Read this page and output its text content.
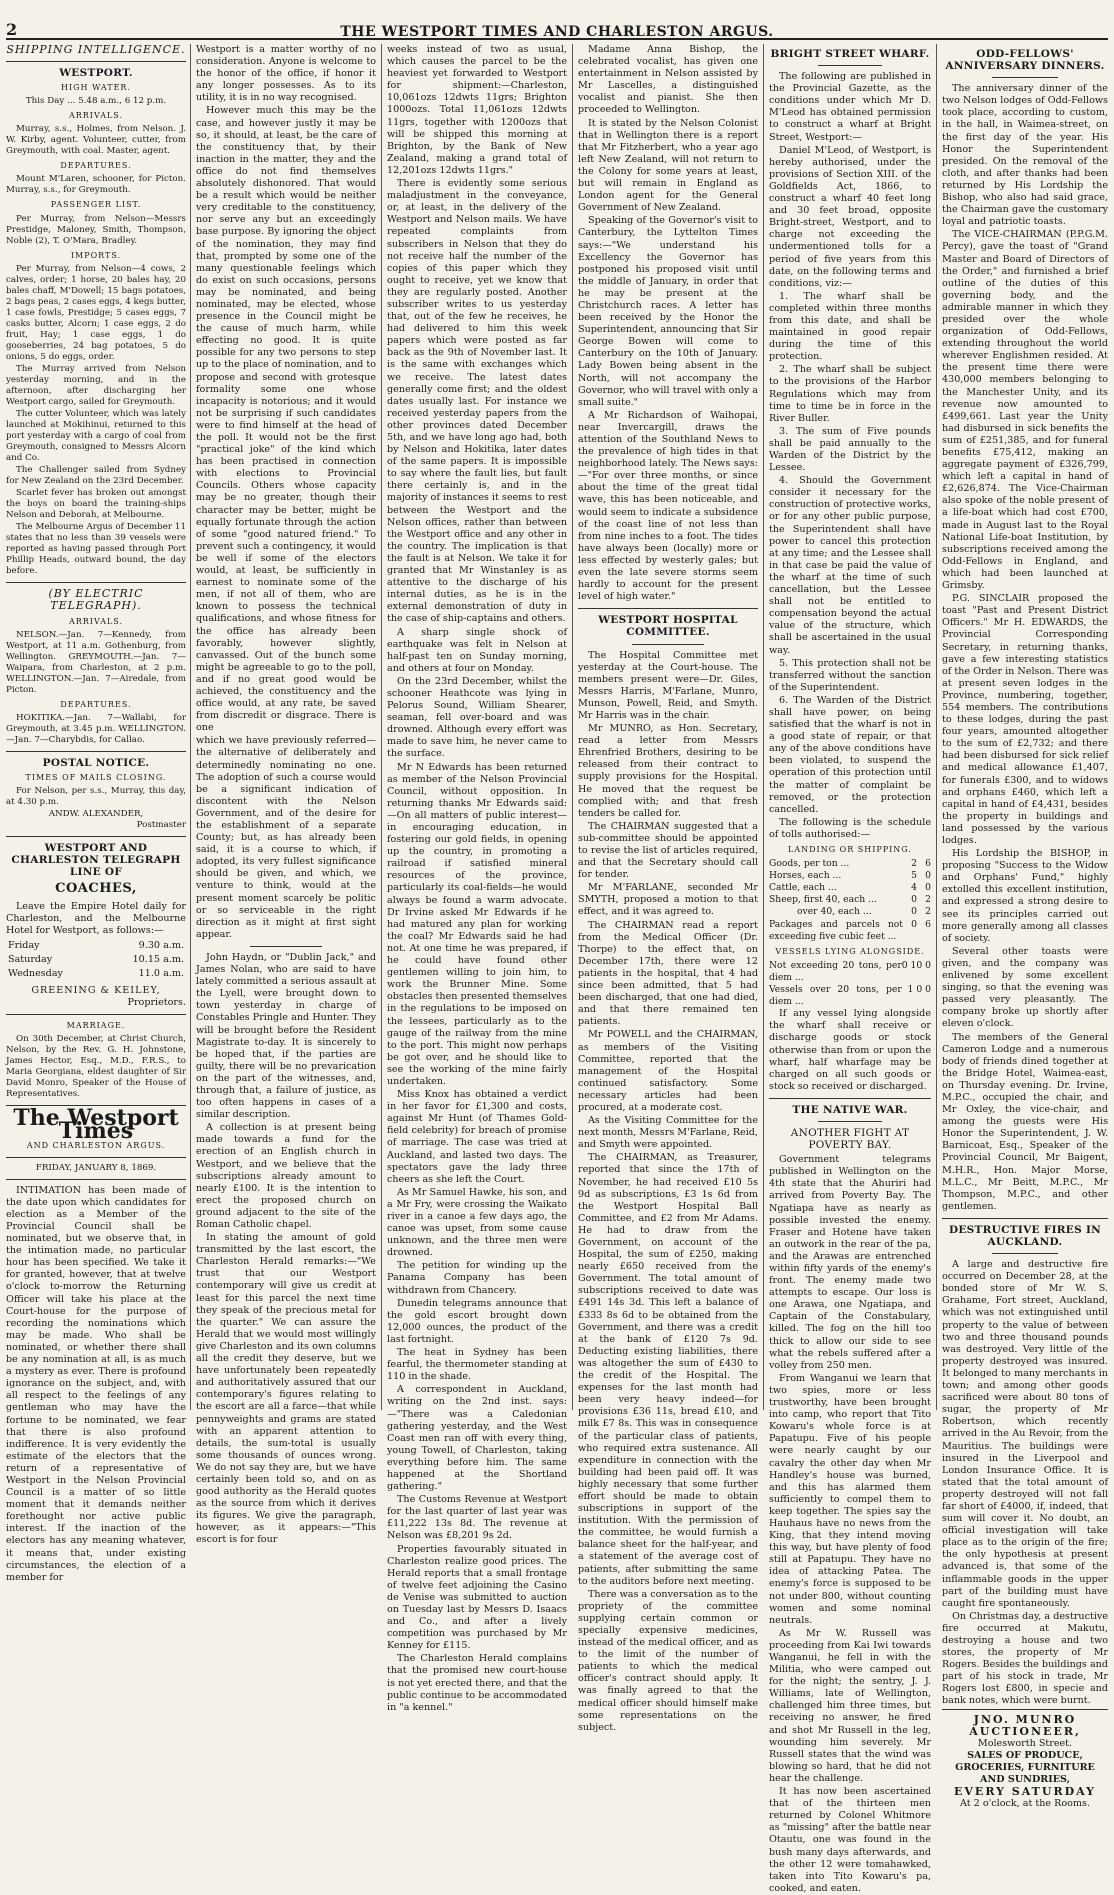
2	THE WESTPORT TIMES AND CHARLESTON ARGUS.
SHIPPING INTELLIGENCE.
WESTPORT.
HIGH WATER.
This Day ... 5.48 a.m., 6 12 p.m.
ARRIVALS.

Murray, s.s., Holmes, from Nelson. J. W. Kirby, agent. Volunteer, cutter, from Greymouth, with coal. Master, agent.

DEPARTURES.

Mount M'Laren, schooner, for Picton. Murray, s.s., for Greymouth.

PASSENGER LIST.

Per Murray, from Nelson—Messrs Prestidge, Maloney, Smith, Thompson, Noble (2), T. O'Mara, Bradley.

IMPORTS.

Per Murray, from Nelson—4 cows, 2 calves, order; 1 horse, 20 bales hay, 20 bales chaff, M'Dowell; 15 bags potatoes, 2 bags peas, 2 cases eggs, 4 kegs butter, 1 case fowls, Prestidge; 5 cases eggs, 7 casks butter, Alcorn; 1 case eggs, 2 do fruit, Hay; 1 case eggs, 1 do gooseberries, 24 bag potatoes, 5 do onions, 5 do eggs, order.

The Murray arrived from Nelson yesterday morning, and in the afternoon, after discharging her Westport cargo, sailed for Greymouth.

The cutter Volunteer, which was lately launched at Mokihinui, returned to this port yesterday with a cargo of coal from Greymouth, consigned to Messrs Alcorn and Co.

The Challenger sailed from Sydney for New Zealand on the 23rd December.

Scarlet fever has broken out amongst the boys on board the training-ships Nelson and Deborah, at Melbourne.

The Melbourne Argus of December 11 states that no less than 39 vessels were reported as having passed through Port Phillip Heads, outward bound, the day before.

(BY ELECTRIC TELEGRAPH).
ARRIVALS.

NELSON.—Jan. 7—Kennedy, from Westport, at 11 a.m. Gothenburg, from Wellington. GREYMOUTH.—Jan. 7—Waipara, from Charleston, at 2 p.m. WELLINGTON.—Jan. 7—Airedale, from Picton.

DEPARTURES.

HOKITIKA.—Jan. 7—Wallabi, for Greymouth, at 3.45 p.m. WELLINGTON.—Jan. 7—Charybdis, for Callao.

POSTAL NOTICE.
TIMES OF MAILS CLOSING.

For Nelson, per s.s., Murray, this day, at 4.30 p.m.

ANDW. ALEXANDER,
Postmaster
WESTPORT AND CHARLESTON TELEGRAPH LINE OF
COACHES,

Leave the Empire Hotel daily for Charleston, and the Melbourne Hotel for Westport, as follows:—

Friday	9.30 a.m.
Saturday	10.15 a.m.
Wednesday	11.0 a.m.
GREENING & KEILEY,
Proprietors.
MARRIAGE.

On 30th December, at Christ Church, Nelson, by the Rev. G. H. Johnstone, James Hector, Esq., M.D., F.R.S., to Maria Georgiana, eldest daughter of Sir David Monro, Speaker of the House of Representatives.

The Westport Times
AND CHARLESTON ARGUS.
FRIDAY, JANUARY 8, 1869.

INTIMATION has been made of the date upon which candidates for election as a Member of the Provincial Council shall be nominated, but we observe that, in the intimation made, no particular hour has been specified. We take it for granted, however, that at twelve o'clock to-morrow the Returning Officer will take his place at the Court-house for the purpose of recording the nominations which may be made. Who shall be nominated, or whether there shall be any nomination at all, is as much a mystery as ever. There is profound ignorance on the subject, and, with all respect to the feelings of any gentleman who may have the fortune to be nominated, we fear that there is also profound indifference. It is very evidently the estimate of the electors that the return of a representative of Westport in the Nelson Provincial Council is a matter of so little moment that it demands neither forethought nor active public interest. If the inaction of the electors has any meaning whatever, it means that, under existing circumstances, the election of a member for

Westport is a matter worthy of no consideration. Anyone is welcome to the honor of the office, if honor it any longer possesses. As to its utility, it is in no way recognised.

However much this may be the case, and however justly it may be so, it should, at least, be the care of the constituency that, by their inaction in the matter, they and the office do not find themselves absolutely dishonored. That would be a result which would be neither very creditable to the constituency, nor serve any but an exceedingly base purpose. By ignoring the object of the nomination, they may find that, prompted by some one of the many questionable feelings which do exist on such occasions, persons may be nominated, and being nominated, may be elected, whose presence in the Council might be the cause of much harm, while effecting no good. It is quite possible for any two persons to step up to the place of nomination, and to propose and second with grotesque formality some one whose incapacity is notorious; and it would not be surprising if such candidates were to find himself at the head of the poll. It would not be the first "practical joke" of the kind which has been practised in connection with elections to Provincial Councils. Others whose capacity may be no greater, though their character may be better, might be equally fortunate through the action of some "good natured friend." To prevent such a contingency, it would be well if some of the electors would, at least, be sufficiently in earnest to nominate some of the men, if not all of them, who are known to possess the technical qualifications, and whose fitness for the office has already been favorably, however slightly, canvassed. Out of the bunch some might be agreeable to go to the poll, and if no great good would be achieved, the constituency and the office would, at any rate, be saved from discredit or disgrace. There is one

which we have previously referred—the alternative of deliberately and determinedly nominating no one. The adoption of such a course would be a significant indication of discontent with the Nelson Government, and of the desire for the establishment of a separate County; but, as has already been said, it is a course to which, if adopted, its very fullest significance should be given, and which, we venture to think, would at the present moment scarcely be politic or so serviceable in the right direction as it might at first sight appear.

John Haydn, or "Dublin Jack," and James Nolan, who are said to have lately committed a serious assault at the Lyell, were brought down to town yesterday in charge of Constables Pringle and Hunter. They will be brought before the Resident Magistrate to-day. It is sincerely to be hoped that, if the parties are guilty, there will be no prevarication on the part of the witnesses, and, through that, a failure of justice, as too often happens in cases of a similar description.

A collection is at present being made towards a fund for the erection of an English church in Westport, and we believe that the subscriptions already amount to nearly £100. It is the intention to erect the proposed church on ground adjacent to the site of the Roman Catholic chapel.

In stating the amount of gold transmitted by the last escort, the Charleston Herald remarks:—"We trust that our Westport contemporary will give us credit at least for this parcel the next time they speak of the precious metal for the quarter." We can assure the Herald that we would most willingly give Charleston and its own columns all the credit they deserve, but we have unfortunately been repeatedly and authoritatively assured that our contemporary's figures relating to the escort are all a farce—that while pennyweights and grams are stated with an apparent attention to details, the sum-total is usually some thousands of ounces wrong. We do not say they are, but we have certainly been told so, and on as good authority as the Herald quotes as the source from which it derives its figures. We give the paragraph, however, as it appears:—"This escort is for four

weeks instead of two as usual, which causes the parcel to be the heaviest yet forwarded to Westport for shipment:—Charleston, 10,061ozs 12dwts 11grs; Brighton 1000ozs. Total 11,061ozs 12dwts 11grs, together with 1200ozs that will be shipped this morning at Brighton, by the Bank of New Zealand, making a grand total of 12,201ozs 12dwts 11grs."

There is evidently some serious maladjustment in the conveyance, or, at least, in the delivery of the Westport and Nelson mails. We have repeated complaints from subscribers in Nelson that they do not receive half the number of the copies of this paper which they ought to receive, yet we know that they are regularly posted. Another subscriber writes to us yesterday that, out of the few he receives, he had delivered to him this week papers which were posted as far back as the 9th of November last. It is the same with exchanges which we receive. The latest dates generally come first; and the oldest dates usually last. For instance we received yesterday papers from the other provinces dated December 5th, and we have long ago had, both by Nelson and Hokitika, later dates of the same papers. It is impossible to say where the fault lies, but fault there certainly is, and in the majority of instances it seems to rest between the Westport and the Nelson offices, rather than between the Westport office and any other in the country. The implication is that the fault is at Nelson. We take it for granted that Mr Winstanley is as attentive to the discharge of his internal duties, as he is in the external demonstration of duty in the case of ship-captains and others.

A sharp single shock of earthquake was felt in Nelson at half-past ten on Sunday morning, and others at four on Monday.

On the 23rd December, whilst the schooner Heathcote was lying in Pelorus Sound, William Shearer, seaman, fell over-board and was drowned. Although every effort was made to save him, he never came to the surface.

Mr N Edwards has been returned as member of the Nelson Provincial Council, without opposition. In returning thanks Mr Edwards said:—On all matters of public interest—in encouraging education, in fostering our gold fields, in opening up the country, in promoting a railroad if satisfied mineral resources of the province, particularly its coal-fields—he would always be found a warm advocate. Dr Irvine asked Mr Edwards if he had matured any plan for working the coal? Mr Edwards said he had not. At one time he was prepared, if he could have found other gentlemen willing to join him, to work the Brunner Mine. Some obstacles then presented themselves in the regulations to be imposed on the lessees, particularly as to the gauge of the railway from the mine to the port. This might now perhaps be got over, and he should like to see the working of the mine fairly undertaken.

Miss Knox has obtained a verdict in her favor for £1,300 and costs, against Mr Hunt (of Thames Gold-field celebrity) for breach of promise of marriage. The case was tried at Auckland, and lasted two days. The spectators gave the lady three cheers as she left the Court.

As Mr Samuel Hawke, his son, and a Mr Fry, were crossing the Waikato river in a canoe a few days ago, the canoe was upset, from some cause unknown, and the three men were drowned.

The petition for winding up the Panama Company has been withdrawn from Chancery.

Dunedin telegrams announce that the gold escort brought down 12,000 ounces, the product of the last fortnight.

The heat in Sydney has been fearful, the thermometer standing at 110 in the shade.

A correspondent in Auckland, writing on the 2nd inst. says:—"There was a Caledonian gathering yesterday, and the West Coast men ran off with every thing, young Towell, of Charleston, taking everything before him. The same happened at the Shortland gathering."

The Customs Revenue at Westport for the last quarter of last year was £11,222 13s 8d. The revenue at Nelson was £8,201 9s 2d.

Properties favourably situated in Charleston realize good prices. The Herald reports that a small frontage of twelve feet adjoining the Casino de Venise was submitted to auction on Tuesday last by Messrs D. Isaacs and Co., and after a lively competition was purchased by Mr Kenney for £115.

The Charleston Herald complains that the promised new court-house is not yet erected there, and that the public continue to be accommodated in "a kennel."

Madame Anna Bishop, the celebrated vocalist, has given one entertainment in Nelson assisted by Mr Lascelles, a distinguished vocalist and pianist. She then proceeded to Wellington.

It is stated by the Nelson Colonist that in Wellington there is a report that Mr Fitzherbert, who a year ago left New Zealand, will not return to the Colony for some years at least, but will remain in England as London agent for the General Government of New Zealand.

Speaking of the Governor's visit to Canterbury, the Lyttelton Times says:—"We understand his Excellency the Governor has postponed his proposed visit until the middle of January, in order that he may be present at the Christchurch races. A letter has been received by the Honor the Superintendent, announcing that Sir George Bowen will come to Canterbury on the 10th of January. Lady Bowen being absent in the North, will not accompany the Governor, who will travel with only a small suite."

A Mr Richardson of Waihopai, near Invercargill, draws the attention of the Southland News to the prevalence of high tides in that neighborhood lately. The News says:—"For over three months, or since about the time of the great tidal wave, this has been noticeable, and would seem to indicate a subsidence of the coast line of not less than from nine inches to a foot. The tides have always been (locally) more or less effected by westerly gales; but even the late severe storms seem hardly to account for the present level of high water."

WESTPORT HOSPITAL COMMITTEE.

The Hospital Committee met yesterday at the Court-house. The members present were—Dr. Giles, Messrs Harris, M'Farlane, Munro, Munson, Powell, Reid, and Smyth. Mr Harris was in the chair.

Mr MUNRO, as Hon. Secretary, read a letter from Messrs Ehrenfried Brothers, desiring to be released from their contract to supply provisions for the Hospital. He moved that the request be complied with; and that fresh tenders be called for.

The CHAIRMAN suggested that a sub-committee should be appointed to revise the list of articles required, and that the Secretary should call for tender.

Mr M'FARLANE, seconded Mr SMYTH, proposed a motion to that effect, and it was agreed to.

The CHAIRMAN read a report from the Medical Officer (Dr. Thorpe) to the effect that, on December 17th, there were 12 patients in the hospital, that 4 had since been admitted, that 5 had been discharged, that one had died, and that there remained ten patients.

Mr POWELL and the CHAIRMAN, as members of the Visiting Committee, reported that the management of the Hospital continued satisfactory. Some necessary articles had been procured, at a moderate cost.

As the Visiting Committee for the next month, Messrs M'Farlane, Reid, and Smyth were appointed.

The CHAIRMAN, as Treasurer, reported that since the 17th of November, he had received £10 5s 9d as subscriptions, £3 1s 6d from the Westport Hospital Ball Committee, and £2 from Mr Adams. He had to draw from the Government, on account of the Hospital, the sum of £250, making nearly £650 received from the Government. The total amount of subscriptions received to date was £491 14s 3d. This left a balance of £333 8s 6d to be obtained from the Government, and there was a credit at the bank of £120 7s 9d. Deducting existing liabilities, there was altogether the sum of £430 to the credit of the Hospital. The expenses for the last month had been very heavy indeed—for provisions £36 11s, bread £10, and milk £7 8s. This was in consequence of the particular class of patients, who required extra sustenance. All expenditure in connection with the building had been paid off. It was highly necessary that some further effort should be made to obtain subscriptions in support of the institution. With the permission of the committee, he would furnish a balance sheet for the half-year, and a statement of the average cost of patients, after submitting the same to the auditors before next meeting.

There was a conversation as to the propriety of the committee supplying certain common or specially expensive medicines, instead of the medical officer, and as to the limit of the number of patients to which the medical officer's contract should apply. It was finally agreed to that the medical officer should himself make some representations on the subject.

BRIGHT STREET WHARF.

The following are published in the Provincial Gazette, as the conditions under which Mr D. M'Leod has obtained permission to construct a wharf at Bright Street, Westport:—

Daniel M'Leod, of Westport, is hereby authorised, under the provisions of Section XIII. of the Goldfields Act, 1866, to construct a wharf 40 feet long and 30 feet broad, opposite Bright-street, Westport, and to charge not exceeding the undermentioned tolls for a period of five years from this date, on the following terms and conditions, viz:—

1. The wharf shall be completed within three months from this date, and shall be maintained in good repair during the time of this protection.

2. The wharf shall be subject to the provisions of the Harbor Regulations which may from time to time be in force in the River Buller.

3. The sum of Five pounds shall be paid annually to the Warden of the District by the Lessee.

4. Should the Government consider it necessary for the construction of protective works, or for any other public purpose, the Superintendent shall have power to cancel this protection at any time; and the Lessee shall in that case be paid the value of the wharf at the time of such cancellation, but the Lessee shall not be entitled to compensation beyond the actual value of the structure, which shall be ascertained in the usual way.

5. This protection shall not be transferred without the sanction of the Superintendent.

6. The Warden of the District shall have power, on being satisfied that the wharf is not in a good state of repair, or that any of the above conditions have been violated, to suspend the operation of this protection until the matter of complaint be removed, or the protection cancelled.

The following is the schedule of tolls authorised:—

LANDING OR SHIPPING.
Goods, per ton ...	2	6
Horses, each ...	5	0
Cattle, each ...	4	0
Sheep, first 40, each ...	0	2
over 40, each ...	0	2
Packages and parcels not exceeding five cubic feet ...	0	6
VESSELS LYING ALONGSIDE.
Not exceeding 20 tons, per diem ...	0 10 0
Vessels over 20 tons, per diem ...	1 0 0

If any vessel lying alongside the wharf shall receive or discharge goods or stock otherwise than from or upon the wharf, half wharfage may be charged on all such goods or stock so received or discharged.

THE NATIVE WAR.
ANOTHER FIGHT AT POVERTY BAY.

Government telegrams published in Wellington on the 4th state that the Ahuriri had arrived from Poverty Bay. The Ngatiapa have as nearly as possible invested the enemy. Fraser and Hotene have taken an outwork in the rear of the pa, and the Arawas are entrenched within fifty yards of the enemy's front. The enemy made two attempts to escape. Our loss is one Arawa, one Ngatiapa, and Captain of the Constabulary, killed. The fog on the hill too thick to allow our side to see what the rebels suffered after a volley from 250 men.

From Wanganui we learn that two spies, more or less trustworthy, have been brought into camp, who report that Tito Kowaru's whole force is at Papatupu. Five of his people were nearly caught by our cavalry the other day when Mr Handley's house was burned, and this has alarmed them sufficiently to compel them to keep together. The spies say the Hauhaus have no news from the King, that they intend moving this way, but have plenty of food still at Papatupu. They have no idea of attacking Patea. The enemy's force is supposed to be not under 800, without counting women and some nominal neutrals.

As Mr W. Russell was proceeding from Kai Iwi towards Wanganui, he fell in with the Militia, who were camped out for the night; the sentry, J. J. Williams, late of Wellington, challenged him three times, but receiving no answer, he fired and shot Mr Russell in the leg, wounding him severely. Mr Russell states that the wind was blowing so hard, that he did not hear the challenge.

It has now been ascertained that of the thirteen men returned by Colonel Whitmore as "missing" after the battle near Otautu, one was found in the bush many days afterwards, and the other 12 were tomahawked, taken into Tito Kowaru's pa, cooked, and eaten.

ODD-FELLOWS' ANNIVERSARY DINNERS.

The anniversary dinner of the two Nelson lodges of Odd-Fellows took place, according to custom, in the hall, in Waimea-street, on the first day of the year. His Honor the Superintendent presided. On the removal of the cloth, and after thanks had been returned by His Lordship the Bishop, who also had said grace, the Chairman gave the customary loyal and patriotic toasts.

The VICE-CHAIRMAN (P.P.G.M. Percy), gave the toast of "Grand Master and Board of Directors of the Order," and furnished a brief outline of the duties of this governing body, and the admirable manner in which they presided over the whole organization of Odd-Fellows, extending throughout the world wherever Englishmen resided. At the present time there were 430,000 members belonging to the Manchester Unity, and its revenue now amounted to £499,661. Last year the Unity had disbursed in sick benefits the sum of £251,385, and for funeral benefits £75,412, making an aggregate payment of £326,799, which left a capital in hand of £2,626,874. The Vice-Chairman also spoke of the noble present of a life-boat which had cost £700, made in August last to the Royal National Life-boat Institution, by subscriptions received among the Odd-Fellows in England, and which had been launched at Grimsby.

P.G. SINCLAIR proposed the toast "Past and Present District Officers." Mr H. EDWARDS, the Provincial Corresponding Secretary, in returning thanks, gave a few interesting statistics of the Order in Nelson. There was at present seven lodges in the Province, numbering, together, 554 members. The contributions to these lodges, during the past four years, amounted altogether to the sum of £2,732; and there had been disbursed for sick relief and medical allowance £1,407, for funerals £300, and to widows and orphans £460, which left a capital in hand of £4,431, besides the property in buildings and land possessed by the various lodges.

His Lordship the BISHOP, in proposing "Success to the Widow and Orphans' Fund," highly extolled this excellent institution, and expressed a strong desire to see its principles carried out more generally among all classes of society.

Several other toasts were given, and the company was enlivened by some excellent singing, so that the evening was passed very pleasantly. The company broke up shortly after eleven o'clock.

The members of the General Cameron Lodge and a numerous body of friends dined together at the Bridge Hotel, Waimea-east, on Thursday evening. Dr. Irvine, M.P.C., occupied the chair, and Mr Oxley, the vice-chair, and among the guests were His Honor the Superintendent, J. W. Barnicoat, Esq., Speaker of the Provincial Council, Mr Baigent, M.H.R., Hon. Major Morse, M.L.C., Mr Beitt, M.P.C., Mr Thompson, M.P.C., and other gentlemen.

DESTRUCTIVE FIRES IN AUCKLAND.

A large and destructive fire occurred on December 28, at the bonded store of Mr W. S. Grahame, Fort street, Auckland, which was not extinguished until property to the value of between two and three thousand pounds was destroyed. Very little of the property destroyed was insured. It belonged to many merchants in town; and among other goods sacrificed were about 80 tons of sugar, the property of Mr Robertson, which recently arrived in the Au Revoir, from the Mauritius. The buildings were insured in the Liverpool and London Insurance Office. It is stated that the total amount of property destroyed will not fall far short of £4000, if, indeed, that sum will cover it. No doubt, an official investigation will take place as to the origin of the fire; the only hypothesis at present advanced is, that some of the inflammable goods in the upper part of the building must have caught fire spontaneously.

On Christmas day, a destructive fire occurred at Makutu, destroying a house and two stores, the property of Mr Rogers. Besides the buildings and part of his stock in trade, Mr Rogers lost £800, in specie and bank notes, which were burnt.

JNO. MUNRO
AUCTIONEER,
Molesworth Street.
SALES OF PRODUCE, GROCERIES, FURNITURE AND SUNDRIES,
EVERY SATURDAY
At 2 o'clock, at the Rooms.
